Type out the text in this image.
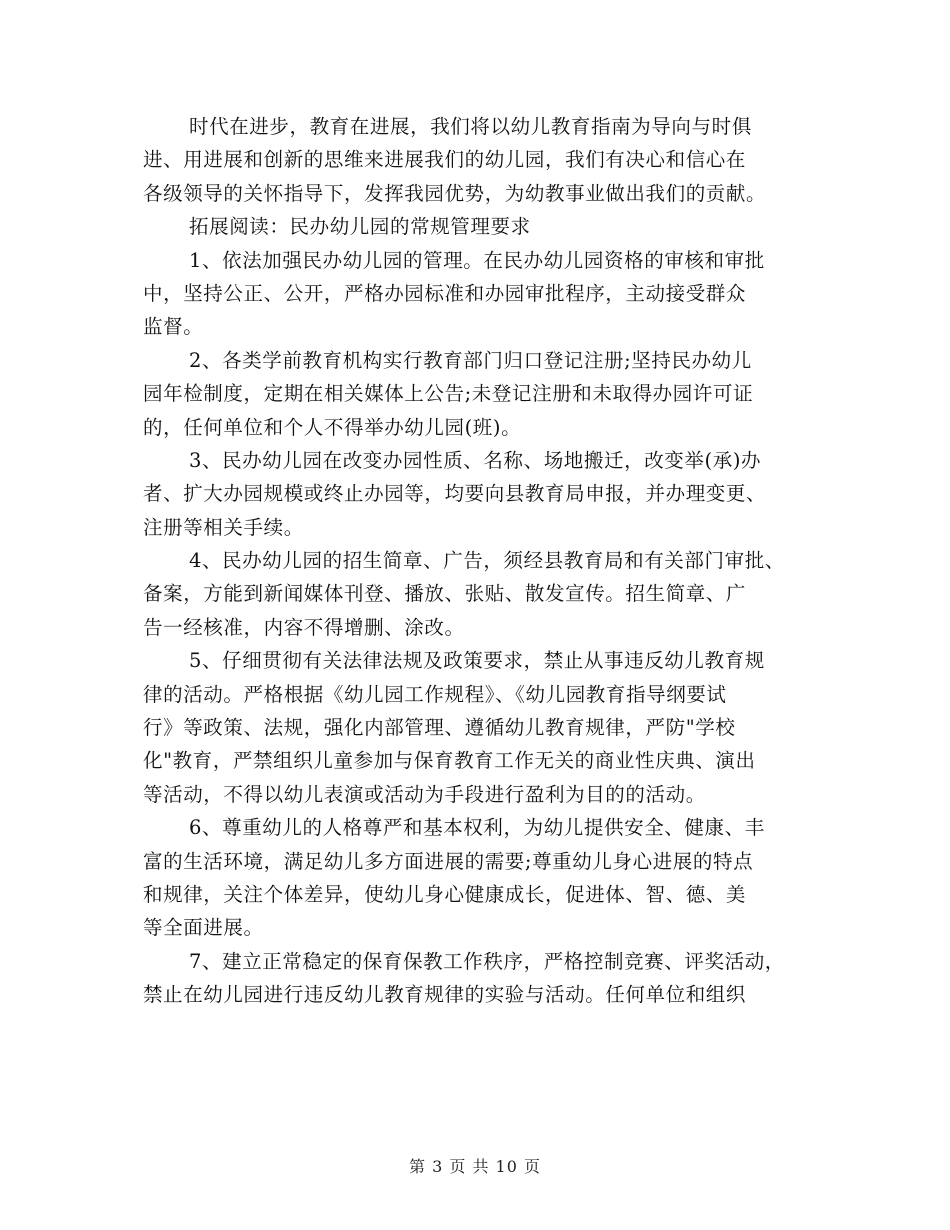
时代在进步，教育在进展，我们将以幼儿教育指南为导向与时俱
进、用进展和创新的思维来进展我们的幼儿园，我们有决心和信心在
各级领导的关怀指导下，发挥我园优势，为幼教事业做出我们的贡献。
拓展阅读：民办幼儿园的常规管理要求
1、依法加强民办幼儿园的管理。在民办幼儿园资格的审核和审批
中，坚持公正、公开，严格办园标准和办园审批程序，主动接受群众
监督。
2、各类学前教育机构实行教育部门归口登记注册;坚持民办幼儿
园年检制度，定期在相关媒体上公告;未登记注册和未取得办园许可证
的，任何单位和个人不得举办幼儿园(班)。
3、民办幼儿园在改变办园性质、名称、场地搬迁，改变举(承)办
者、扩大办园规模或终止办园等，均要向县教育局申报，并办理变更、
注册等相关手续。
4、民办幼儿园的招生简章、广告，须经县教育局和有关部门审批、
备案，方能到新闻媒体刊登、播放、张贴、散发宣传。招生简章、广
告一经核准，内容不得增删、涂改。
5、仔细贯彻有关法律法规及政策要求，禁止从事违反幼儿教育规
律的活动。严格根据《幼儿园工作规程》、《幼儿园教育指导纲要试
行》等政策、法规，强化内部管理、遵循幼儿教育规律，严防"学校
化"教育，严禁组织儿童参加与保育教育工作无关的商业性庆典、演出
等活动，不得以幼儿表演或活动为手段进行盈利为目的的活动。
6、尊重幼儿的人格尊严和基本权利，为幼儿提供安全、健康、丰
富的生活环境，满足幼儿多方面进展的需要;尊重幼儿身心进展的特点
和规律，关注个体差异，使幼儿身心健康成长，促进体、智、德、美
等全面进展。
7、建立正常稳定的保育保教工作秩序，严格控制竞赛、评奖活动，
禁止在幼儿园进行违反幼儿教育规律的实验与活动。任何单位和组织
第 3 页 共 10 页
